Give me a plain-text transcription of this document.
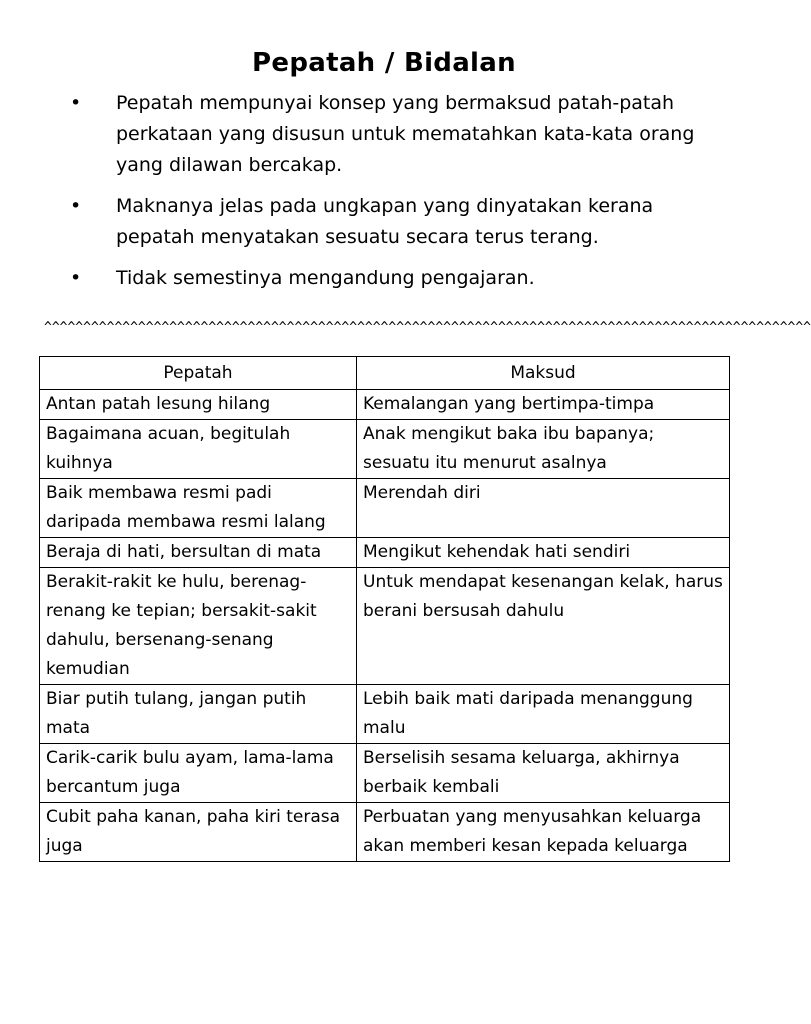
Pepatah / Bidalan
• Pepatah mempunyai konsep yang bermaksud patah-patah perkataan yang disusun untuk mematahkan kata-kata orang yang dilawan bercakap.
• Maknanya jelas pada ungkapan yang dinyatakan kerana pepatah menyatakan sesuatu secara terus terang.
• Tidak semestinya mengandung pengajaran.
^^^^^^^^^^^^^^^^^^^^^^^^^^^^^^^^^^^^^^^^^^^^^^^^^^^^^^^^^^^^^^^^^^^^^^^^^^^^^^^^^^^^^^^^^^^^^^^^^^
Pepatah	Maksud
Antan patah lesung hilang	Kemalangan yang bertimpa-timpa
Bagaimana acuan, begitulah kuihnya	Anak mengikut baka ibu bapanya; sesuatu itu menurut asalnya
Baik membawa resmi padi daripada membawa resmi lalang	Merendah diri
Beraja di hati, bersultan di mata	Mengikut kehendak hati sendiri
Berakit-rakit ke hulu, berenag-renang ke tepian; bersakit-sakit dahulu, bersenang-senang kemudian	Untuk mendapat kesenangan kelak, harus berani bersusah dahulu
Biar putih tulang, jangan putih mata	Lebih baik mati daripada menanggung malu
Carik-carik bulu ayam, lama-lama bercantum juga	Berselisih sesama keluarga, akhirnya berbaik kembali
Cubit paha kanan, paha kiri terasa juga	Perbuatan yang menyusahkan keluarga akan memberi kesan kepada keluarga
